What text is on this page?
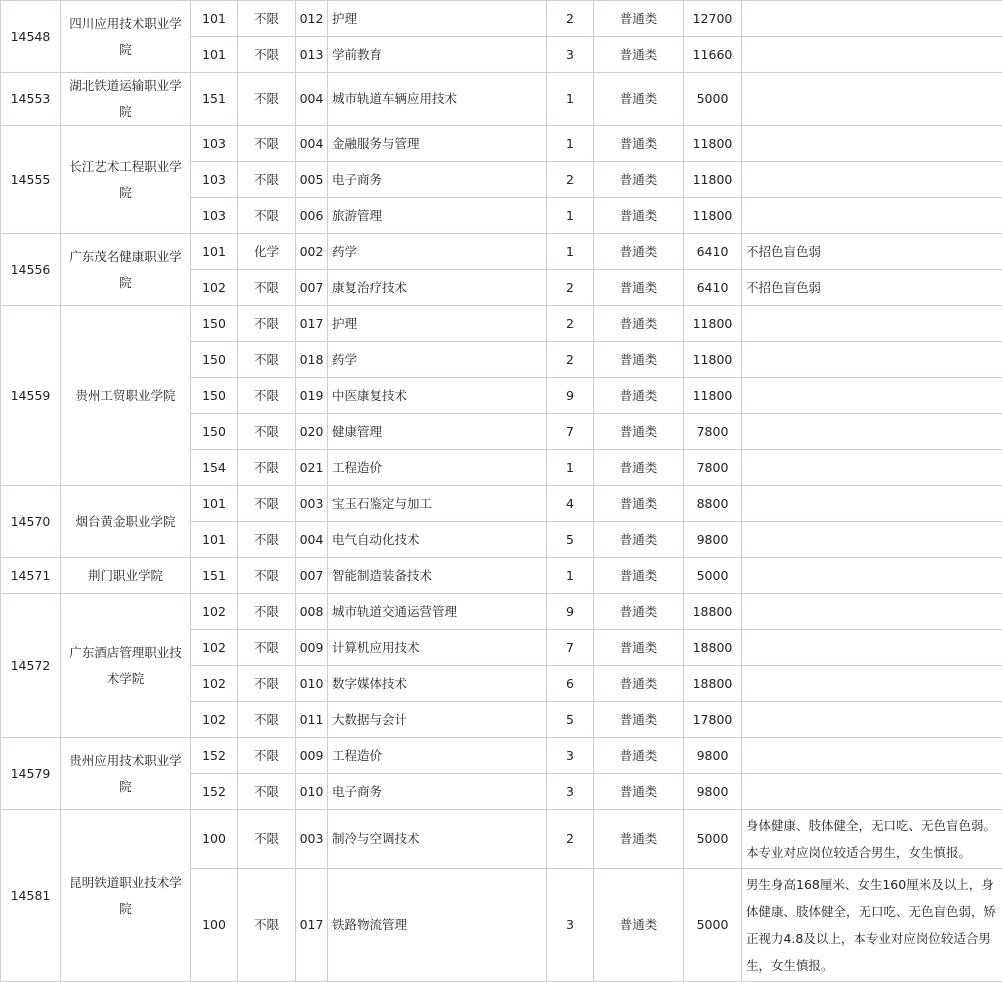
14548	四川应用技术职业学院	101	不限	012	护理	2	普通类	12700	
		101	不限	013	学前教育	3	普通类	11660	
14553	湖北铁道运输职业学院	151	不限	004	城市轨道车辆应用技术	1	普通类	5000	
14555	长江艺术工程职业学院	103	不限	004	金融服务与管理	1	普通类	11800	
		103	不限	005	电子商务	2	普通类	11800	
		103	不限	006	旅游管理	1	普通类	11800	
14556	广东茂名健康职业学院	101	化学	002	药学	1	普通类	6410	不招色盲色弱
		102	不限	007	康复治疗技术	2	普通类	6410	不招色盲色弱
14559	贵州工贸职业学院	150	不限	017	护理	2	普通类	11800	
		150	不限	018	药学	2	普通类	11800	
		150	不限	019	中医康复技术	9	普通类	11800	
		150	不限	020	健康管理	7	普通类	7800	
		154	不限	021	工程造价	1	普通类	7800	
14570	烟台黄金职业学院	101	不限	003	宝玉石鉴定与加工	4	普通类	8800	
		101	不限	004	电气自动化技术	5	普通类	9800	
14571	荆门职业学院	151	不限	007	智能制造装备技术	1	普通类	5000	
14572	广东酒店管理职业技术学院	102	不限	008	城市轨道交通运营管理	9	普通类	18800	
		102	不限	009	计算机应用技术	7	普通类	18800	
		102	不限	010	数字媒体技术	6	普通类	18800	
		102	不限	011	大数据与会计	5	普通类	17800	
14579	贵州应用技术职业学院	152	不限	009	工程造价	3	普通类	9800	
		152	不限	010	电子商务	3	普通类	9800	
14581	昆明铁道职业技术学院	100	不限	003	制冷与空调技术	2	普通类	5000	身体健康、肢体健全，无口吃、无色盲色弱。本专业对应岗位较适合男生，女生慎报。
		100	不限	017	铁路物流管理	3	普通类	5000	男生身高168厘米、女生160厘米及以上，身体健康、肢体健全，无口吃、无色盲色弱，矫正视力4.8及以上，本专业对应岗位较适合男生，女生慎报。
